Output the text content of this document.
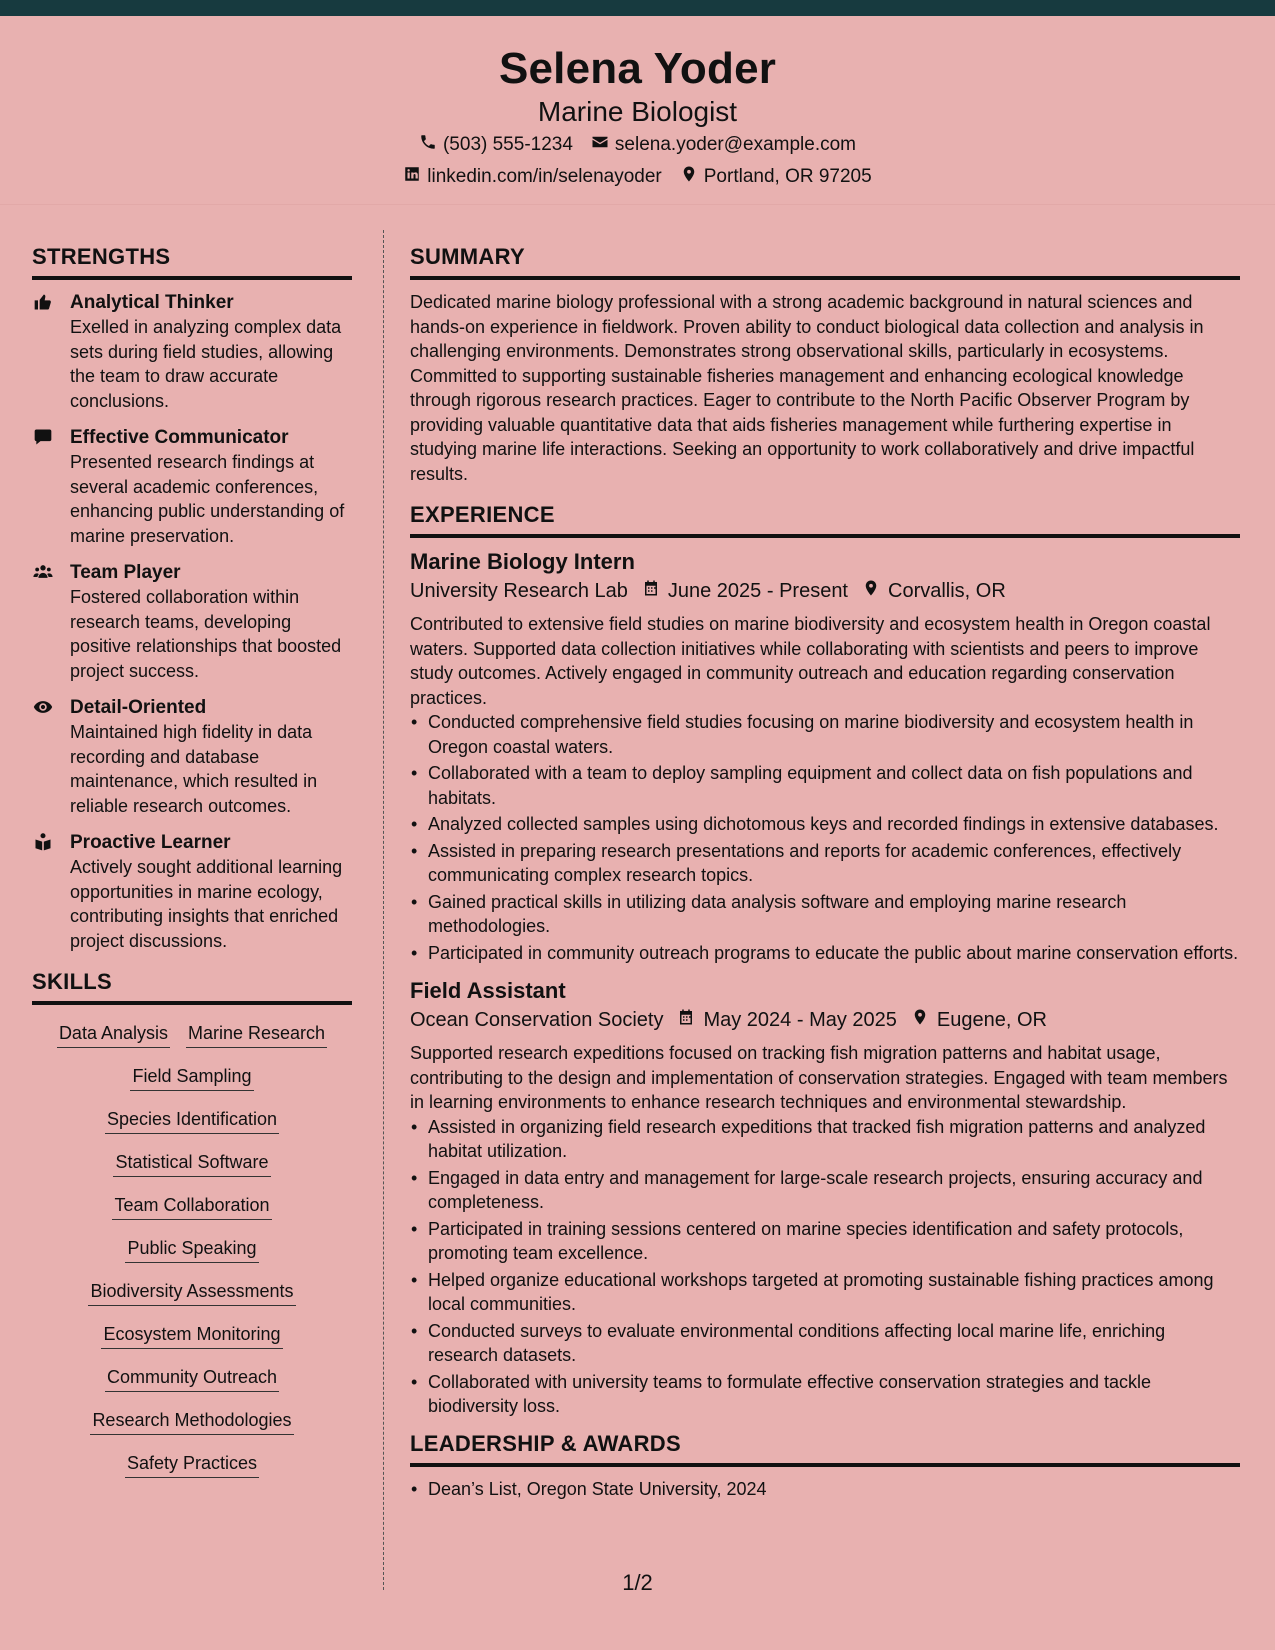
Selena Yoder
Marine Biologist
(503) 555-1234 selena.yoder@example.com
linkedin.com/in/selenayoder Portland, OR 97205
STRENGTHS
Analytical Thinker
Exelled in analyzing complex data sets during field studies, allowing the team to draw accurate conclusions.
Effective Communicator
Presented research findings at several academic conferences, enhancing public understanding of marine preservation.
Team Player
Fostered collaboration within research teams, developing positive relationships that boosted project success.
Detail-Oriented
Maintained high fidelity in data recording and database maintenance, which resulted in reliable research outcomes.
Proactive Learner
Actively sought additional learning opportunities in marine ecology, contributing insights that enriched project discussions.
SKILLS
Data Analysis Marine Research
Field Sampling
Species Identification
Statistical Software
Team Collaboration
Public Speaking
Biodiversity Assessments
Ecosystem Monitoring
Community Outreach
Research Methodologies
Safety Practices
SUMMARY
Dedicated marine biology professional with a strong academic background in natural sciences and hands-on experience in fieldwork. Proven ability to conduct biological data collection and analysis in challenging environments. Demonstrates strong observational skills, particularly in ecosystems. Committed to supporting sustainable fisheries management and enhancing ecological knowledge through rigorous research practices. Eager to contribute to the North Pacific Observer Program by providing valuable quantitative data that aids fisheries management while furthering expertise in studying marine life interactions. Seeking an opportunity to work collaboratively and drive impactful results.
EXPERIENCE
Marine Biology Intern
University Research Lab June 2025 - Present Corvallis, OR
Contributed to extensive field studies on marine biodiversity and ecosystem health in Oregon coastal waters. Supported data collection initiatives while collaborating with scientists and peers to improve study outcomes. Actively engaged in community outreach and education regarding conservation practices.
• Conducted comprehensive field studies focusing on marine biodiversity and ecosystem health in Oregon coastal waters.
• Collaborated with a team to deploy sampling equipment and collect data on fish populations and habitats.
• Analyzed collected samples using dichotomous keys and recorded findings in extensive databases.
• Assisted in preparing research presentations and reports for academic conferences, effectively communicating complex research topics.
• Gained practical skills in utilizing data analysis software and employing marine research methodologies.
• Participated in community outreach programs to educate the public about marine conservation efforts.
Field Assistant
Ocean Conservation Society May 2024 - May 2025 Eugene, OR
Supported research expeditions focused on tracking fish migration patterns and habitat usage, contributing to the design and implementation of conservation strategies. Engaged with team members in learning environments to enhance research techniques and environmental stewardship.
• Assisted in organizing field research expeditions that tracked fish migration patterns and analyzed habitat utilization.
• Engaged in data entry and management for large-scale research projects, ensuring accuracy and completeness.
• Participated in training sessions centered on marine species identification and safety protocols, promoting team excellence.
• Helped organize educational workshops targeted at promoting sustainable fishing practices among local communities.
• Conducted surveys to evaluate environmental conditions affecting local marine life, enriching research datasets.
• Collaborated with university teams to formulate effective conservation strategies and tackle biodiversity loss.
LEADERSHIP & AWARDS
• Dean’s List, Oregon State University, 2024
1/2
